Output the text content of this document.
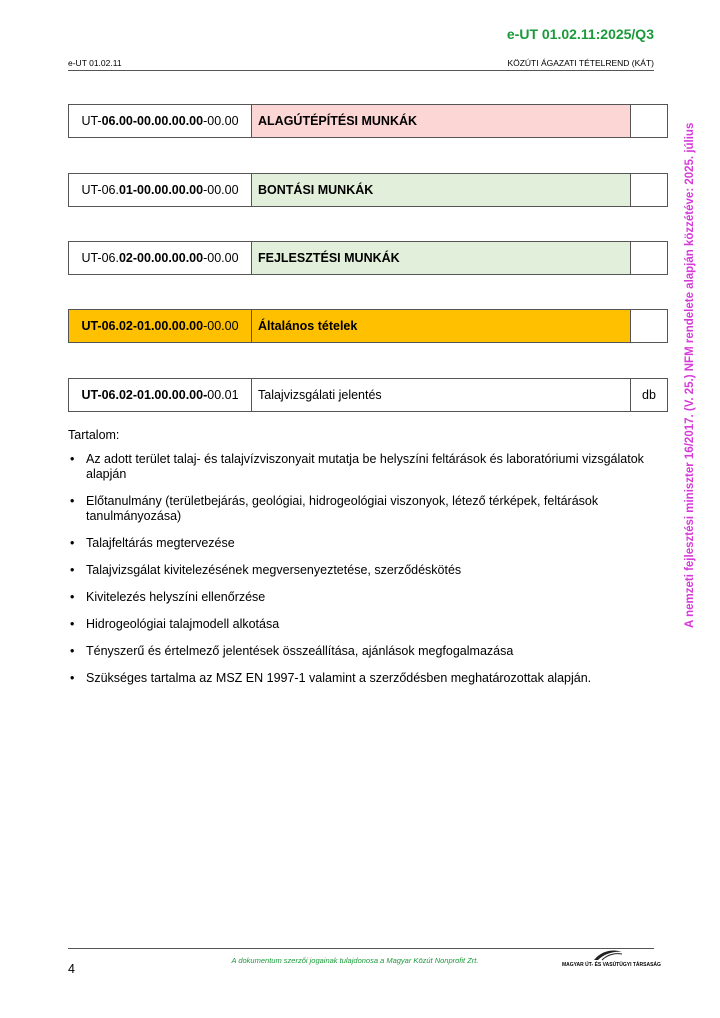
e-UT 01.02.11:2025/Q3
e-UT 01.02.11	KÖZÚTI ÁGAZATI TÉTELREND (KÁT)
UT- 06.00-00.00.00.00 -00.00	ALAGÚTÉPÍTÉSI MUNKÁK
UT-06. 01-00.00.00.00 -00.00	BONTÁSI MUNKÁK
UT-06. 02-00.00.00.00 -00.00	FEJLESZTÉSI MUNKÁK
UT-06.02- 01.00.00.00 -00.00	Általános tételek
UT-06.02-01.00.00.00- 00.01	Talajvizsgálati jelentés	db
Tartalom:
• Az adott terület talaj- és talajvízviszonyait mutatja be helyszíni feltárások és laboratóriumi vizsgálatok alapján
• Előtanulmány (területbejárás, geológiai, hidrogeológiai viszonyok, létező térképek, feltárások tanulmányozása)
• Talajfeltárás megtervezése
• Talajvizsgálat kivitelezésének megversenyeztetése, szerződéskötés
• Kivitelezés helyszíni ellenőrzése
• Hidrogeológiai talajmodell alkotása
• Tényszerű és értelmező jelentések összeállítása, ajánlások megfogalmazása
• Szükséges tartalma az MSZ EN 1997-1 valamint a szerződésben meghatározottak alapján.
A nemzeti fejlesztési miniszter 16/2017. (V. 25.) NFM rendelete alapján közzétéve: 2025. július
4
A dokumentum szerzői jogainak tulajdonosa a Magyar Közút Nonprofit Zrt.	MAGYAR ÚT- ÉS VASÚTÜGYI TÁRSASÁG
